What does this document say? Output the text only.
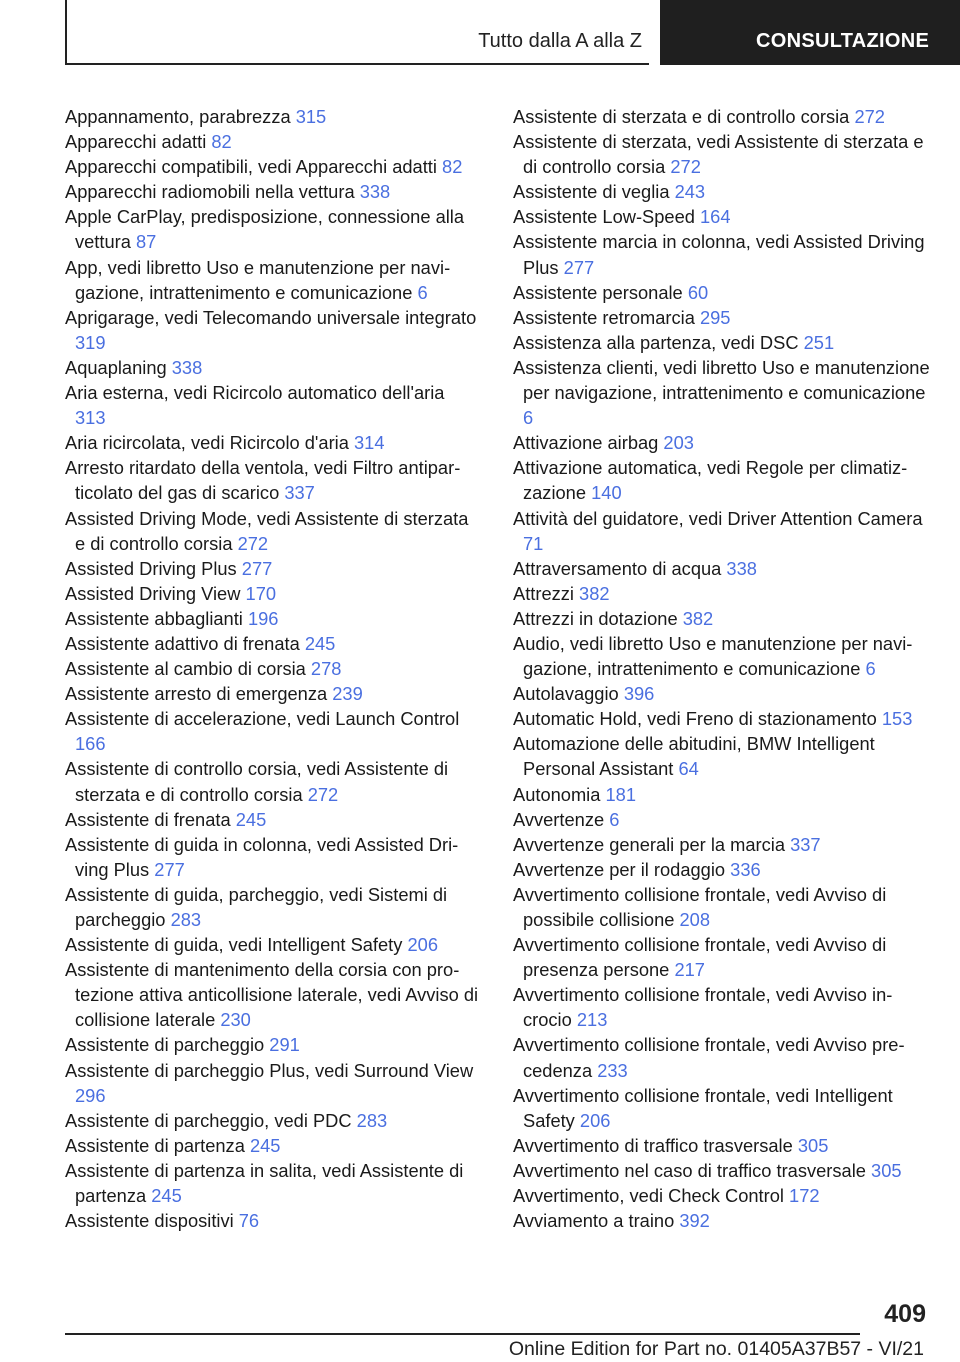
Tutto dalla A alla Z	CONSULTAZIONE
Appannamento, parabrezza 315
Apparecchi adatti 82
Apparecchi compatibili, vedi Apparecchi adatti 82
Apparecchi radiomobili nella vettura 338
Apple CarPlay, predisposizione, connessione alla vettura 87
App, vedi libretto Uso e manutenzione per navigazione, intrattenimento e comunicazione 6
Aprigarage, vedi Telecomando universale integrato 319
Aquaplaning 338
Aria esterna, vedi Ricircolo automatico dell'aria 313
Aria ricircolata, vedi Ricircolo d'aria 314
Arresto ritardato della ventola, vedi Filtro antiparticolato del gas di scarico 337
Assisted Driving Mode, vedi Assistente di sterzata e di controllo corsia 272
Assisted Driving Plus 277
Assisted Driving View 170
Assistente abbaglianti 196
Assistente adattivo di frenata 245
Assistente al cambio di corsia 278
Assistente arresto di emergenza 239
Assistente di accelerazione, vedi Launch Control 166
Assistente di controllo corsia, vedi Assistente di sterzata e di controllo corsia 272
Assistente di frenata 245
Assistente di guida in colonna, vedi Assisted Driving Plus 277
Assistente di guida, parcheggio, vedi Sistemi di parcheggio 283
Assistente di guida, vedi Intelligent Safety 206
Assistente di mantenimento della corsia con protezione attiva anticollisione laterale, vedi Avviso di collisione laterale 230
Assistente di parcheggio 291
Assistente di parcheggio Plus, vedi Surround View 296
Assistente di parcheggio, vedi PDC 283
Assistente di partenza 245
Assistente di partenza in salita, vedi Assistente di partenza 245
Assistente dispositivi 76
Assistente di sterzata e di controllo corsia 272
Assistente di sterzata, vedi Assistente di sterzata e di controllo corsia 272
Assistente di veglia 243
Assistente Low-Speed 164
Assistente marcia in colonna, vedi Assisted Driving Plus 277
Assistente personale 60
Assistente retromarcia 295
Assistenza alla partenza, vedi DSC 251
Assistenza clienti, vedi libretto Uso e manutenzione per navigazione, intrattenimento e comunicazione 6
Attivazione airbag 203
Attivazione automatica, vedi Regole per climatizzazione 140
Attività del guidatore, vedi Driver Attention Camera 71
Attraversamento di acqua 338
Attrezzi 382
Attrezzi in dotazione 382
Audio, vedi libretto Uso e manutenzione per navigazione, intrattenimento e comunicazione 6
Autolavaggio 396
Automatic Hold, vedi Freno di stazionamento 153
Automazione delle abitudini, BMW Intelligent Personal Assistant 64
Autonomia 181
Avvertenze 6
Avvertenze generali per la marcia 337
Avvertenze per il rodaggio 336
Avvertimento collisione frontale, vedi Avviso di possibile collisione 208
Avvertimento collisione frontale, vedi Avviso di presenza persone 217
Avvertimento collisione frontale, vedi Avviso incrocio 213
Avvertimento collisione frontale, vedi Avviso precedenza 233
Avvertimento collisione frontale, vedi Intelligent Safety 206
Avvertimento di traffico trasversale 305
Avvertimento nel caso di traffico trasversale 305
Avvertimento, vedi Check Control 172
Avviamento a traino 392
409
Online Edition for Part no. 01405A37B57 - VI/21
